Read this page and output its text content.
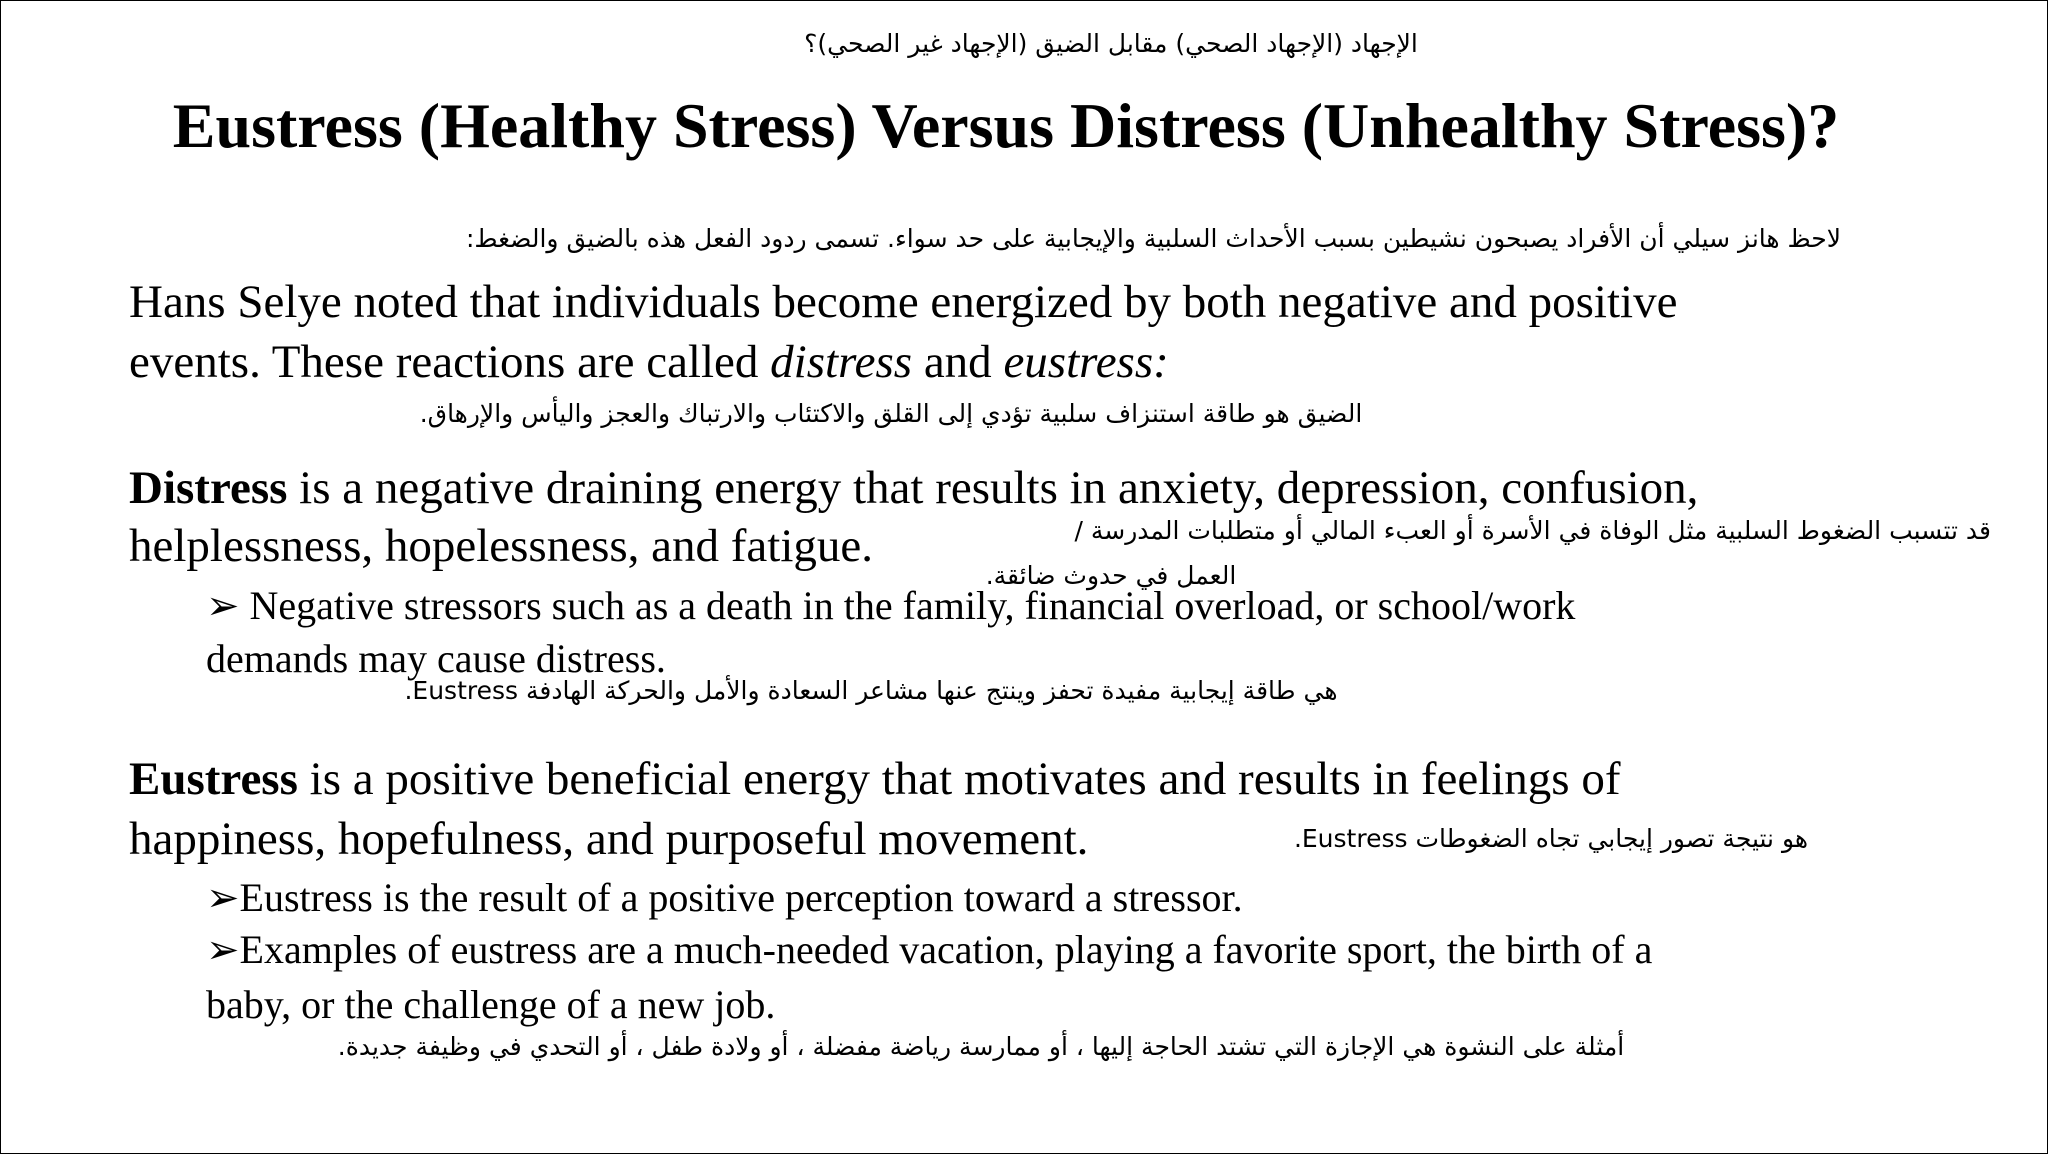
الإجهاد (الإجهاد الصحي) مقابل الضيق (الإجهاد غير الصحي)؟
Eustress (Healthy Stress) Versus Distress (Unhealthy Stress)?
لاحظ هانز سيلي أن الأفراد يصبحون نشيطين بسبب الأحداث السلبية والإيجابية على حد سواء. تسمى ردود الفعل هذه بالضيق والضغط:
Hans Selye noted that individuals become energized by both negative and positive
events. These reactions are called distress and eustress:
الضيق هو طاقة استنزاف سلبية تؤدي إلى القلق والاكتئاب والارتباك والعجز واليأس والإرهاق.
Distress is a negative draining energy that results in anxiety, depression, confusion,
helplessness, hopelessness, and fatigue.	قد تتسبب الضغوط السلبية مثل الوفاة في الأسرة أو العبء المالي أو متطلبات المدرسة /
العمل في حدوث ضائقة.
➢ Negative stressors such as a death in the family, financial overload, or school/work
demands may cause distress.
هي طاقة إيجابية مفيدة تحفز وينتج عنها مشاعر السعادة والأمل والحركة الهادفة Eustress.
Eustress is a positive beneficial energy that motivates and results in feelings of
happiness, hopefulness, and purposeful movement.	هو نتيجة تصور إيجابي تجاه الضغوطات Eustress.
➢Eustress is the result of a positive perception toward a stressor.
➢Examples of eustress are a much-needed vacation, playing a favorite sport, the birth of a
baby, or the challenge of a new job.
أمثلة على النشوة هي الإجازة التي تشتد الحاجة إليها ، أو ممارسة رياضة مفضلة ، أو ولادة طفل ، أو التحدي في وظيفة جديدة.
